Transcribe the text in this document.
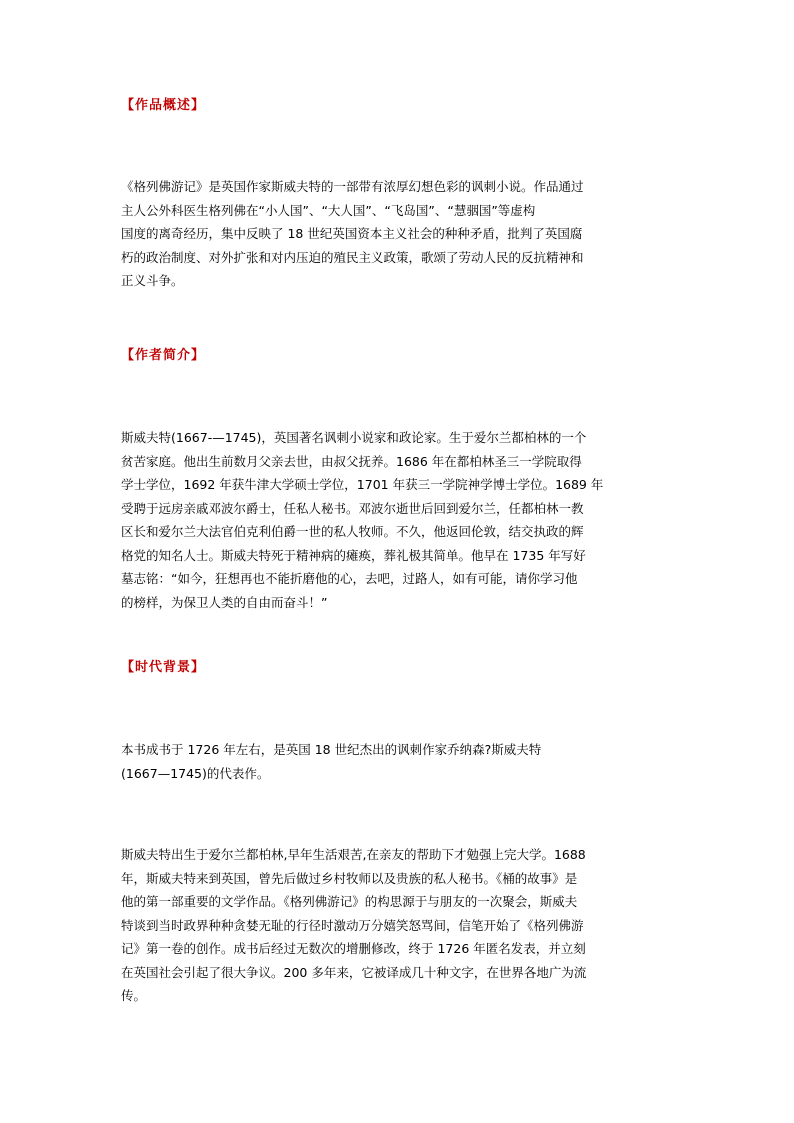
【作品概述】
《格列佛游记》是英国作家斯威夫特的一部带有浓厚幻想色彩的讽刺小说。作品通过
主人公外科医生格列佛在“小人国”、“大人国”、“飞岛国”、“慧骃国”等虚构
国度的离奇经历，集中反映了 18 世纪英国资本主义社会的种种矛盾，批判了英国腐
朽的政治制度、对外扩张和对内压迫的殖民主义政策，歌颂了劳动人民的反抗精神和
正义斗争。
【作者简介】
斯威夫特(1667-—1745)，英国著名讽刺小说家和政论家。生于爱尔兰都柏林的一个
贫苦家庭。他出生前数月父亲去世，由叔父抚养。1686 年在都柏林圣三一学院取得
学士学位，1692 年获牛津大学硕士学位，1701 年获三一学院神学博士学位。1689 年
受聘于远房亲戚邓波尔爵士，任私人秘书。邓波尔逝世后回到爱尔兰，任都柏林一教
区长和爱尔兰大法官伯克利伯爵一世的私人牧师。不久，他返回伦敦，结交执政的辉
格党的知名人士。斯威夫特死于精神病的瘫痪，葬礼极其简单。他早在 1735 年写好
墓志铭：“如今，狂想再也不能折磨他的心，去吧，过路人，如有可能，请你学习他
的榜样，为保卫人类的自由而奋斗！”
【时代背景】
本书成书于 1726 年左右，是英国 18 世纪杰出的讽刺作家乔纳森?斯威夫特
(1667—1745)的代表作。
斯威夫特出生于爱尔兰都柏林,早年生活艰苦,在亲友的帮助下才勉强上完大学。1688
年，斯威夫特来到英国，曾先后做过乡村牧师以及贵族的私人秘书。《桶的故事》是
他的第一部重要的文学作品。《格列佛游记》的构思源于与朋友的一次聚会，斯威夫
特谈到当时政界种种贪婪无耻的行径时激动万分嬉笑怒骂间，信笔开始了《格列佛游
记》第一卷的创作。成书后经过无数次的增删修改，终于 1726 年匿名发表，并立刻
在英国社会引起了很大争议。200 多年来，它被译成几十种文字，在世界各地广为流
传。
